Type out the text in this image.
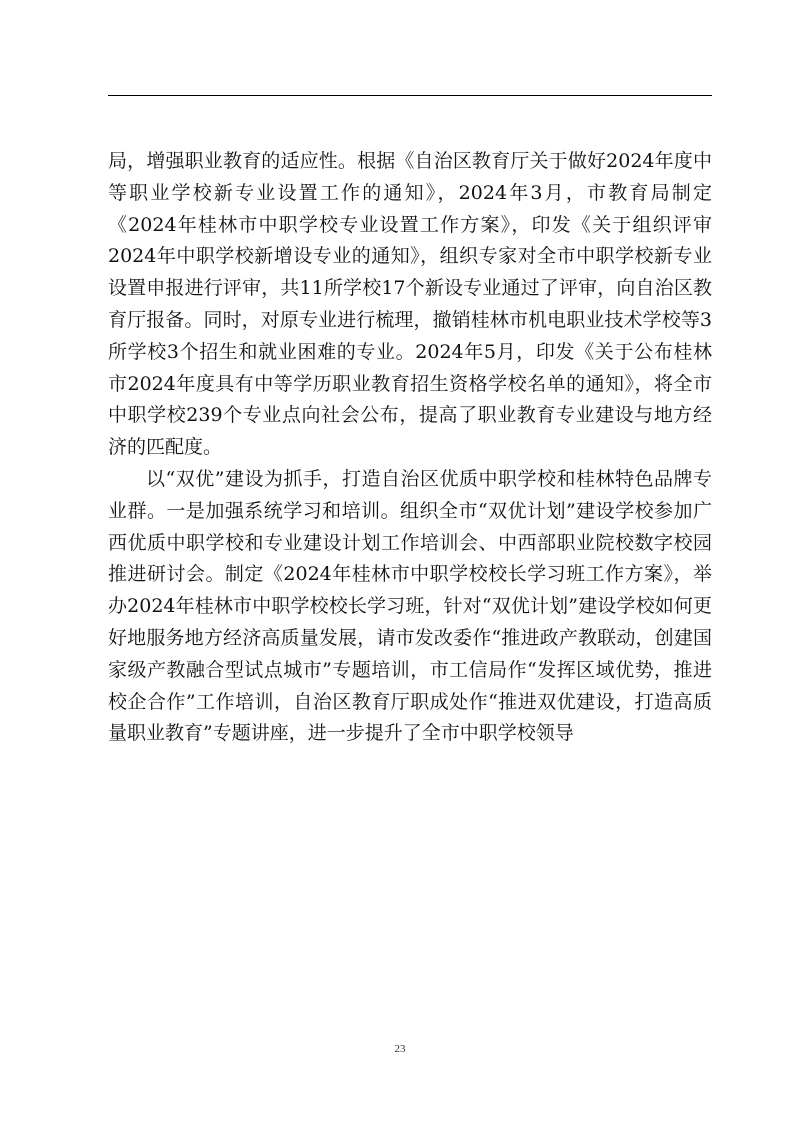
局，增强职业教育的适应性。根据《自治区教育厅关于做好2024年度中等职业学校新专业设置工作的通知》，2024年3月，市教育局制定《2024年桂林市中职学校专业设置工作方案》，印发《关于组织评审2024年中职学校新增设专业的通知》，组织专家对全市中职学校新专业设置申报进行评审，共11所学校17个新设专业通过了评审，向自治区教育厅报备。同时，对原专业进行梳理，撤销桂林市机电职业技术学校等3所学校3个招生和就业困难的专业。2024年5月，印发《关于公布桂林市2024年度具有中等学历职业教育招生资格学校名单的通知》，将全市中职学校239个专业点向社会公布，提高了职业教育专业建设与地方经济的匹配度。

以“双优”建设为抓手，打造自治区优质中职学校和桂林特色品牌专业群。一是加强系统学习和培训。组织全市“双优计划”建设学校参加广西优质中职学校和专业建设计划工作培训会、中西部职业院校数字校园推进研讨会。制定《2024年桂林市中职学校校长学习班工作方案》，举办2024年桂林市中职学校校长学习班，针对“双优计划”建设学校如何更好地服务地方经济高质量发展，请市发改委作“推进政产教联动，创建国家级产教融合型试点城市”专题培训，市工信局作“发挥区域优势，推进校企合作”工作培训，自治区教育厅职成处作“推进双优建设，打造高质量职业教育”专题讲座，进一步提升了全市中职学校领导

23
